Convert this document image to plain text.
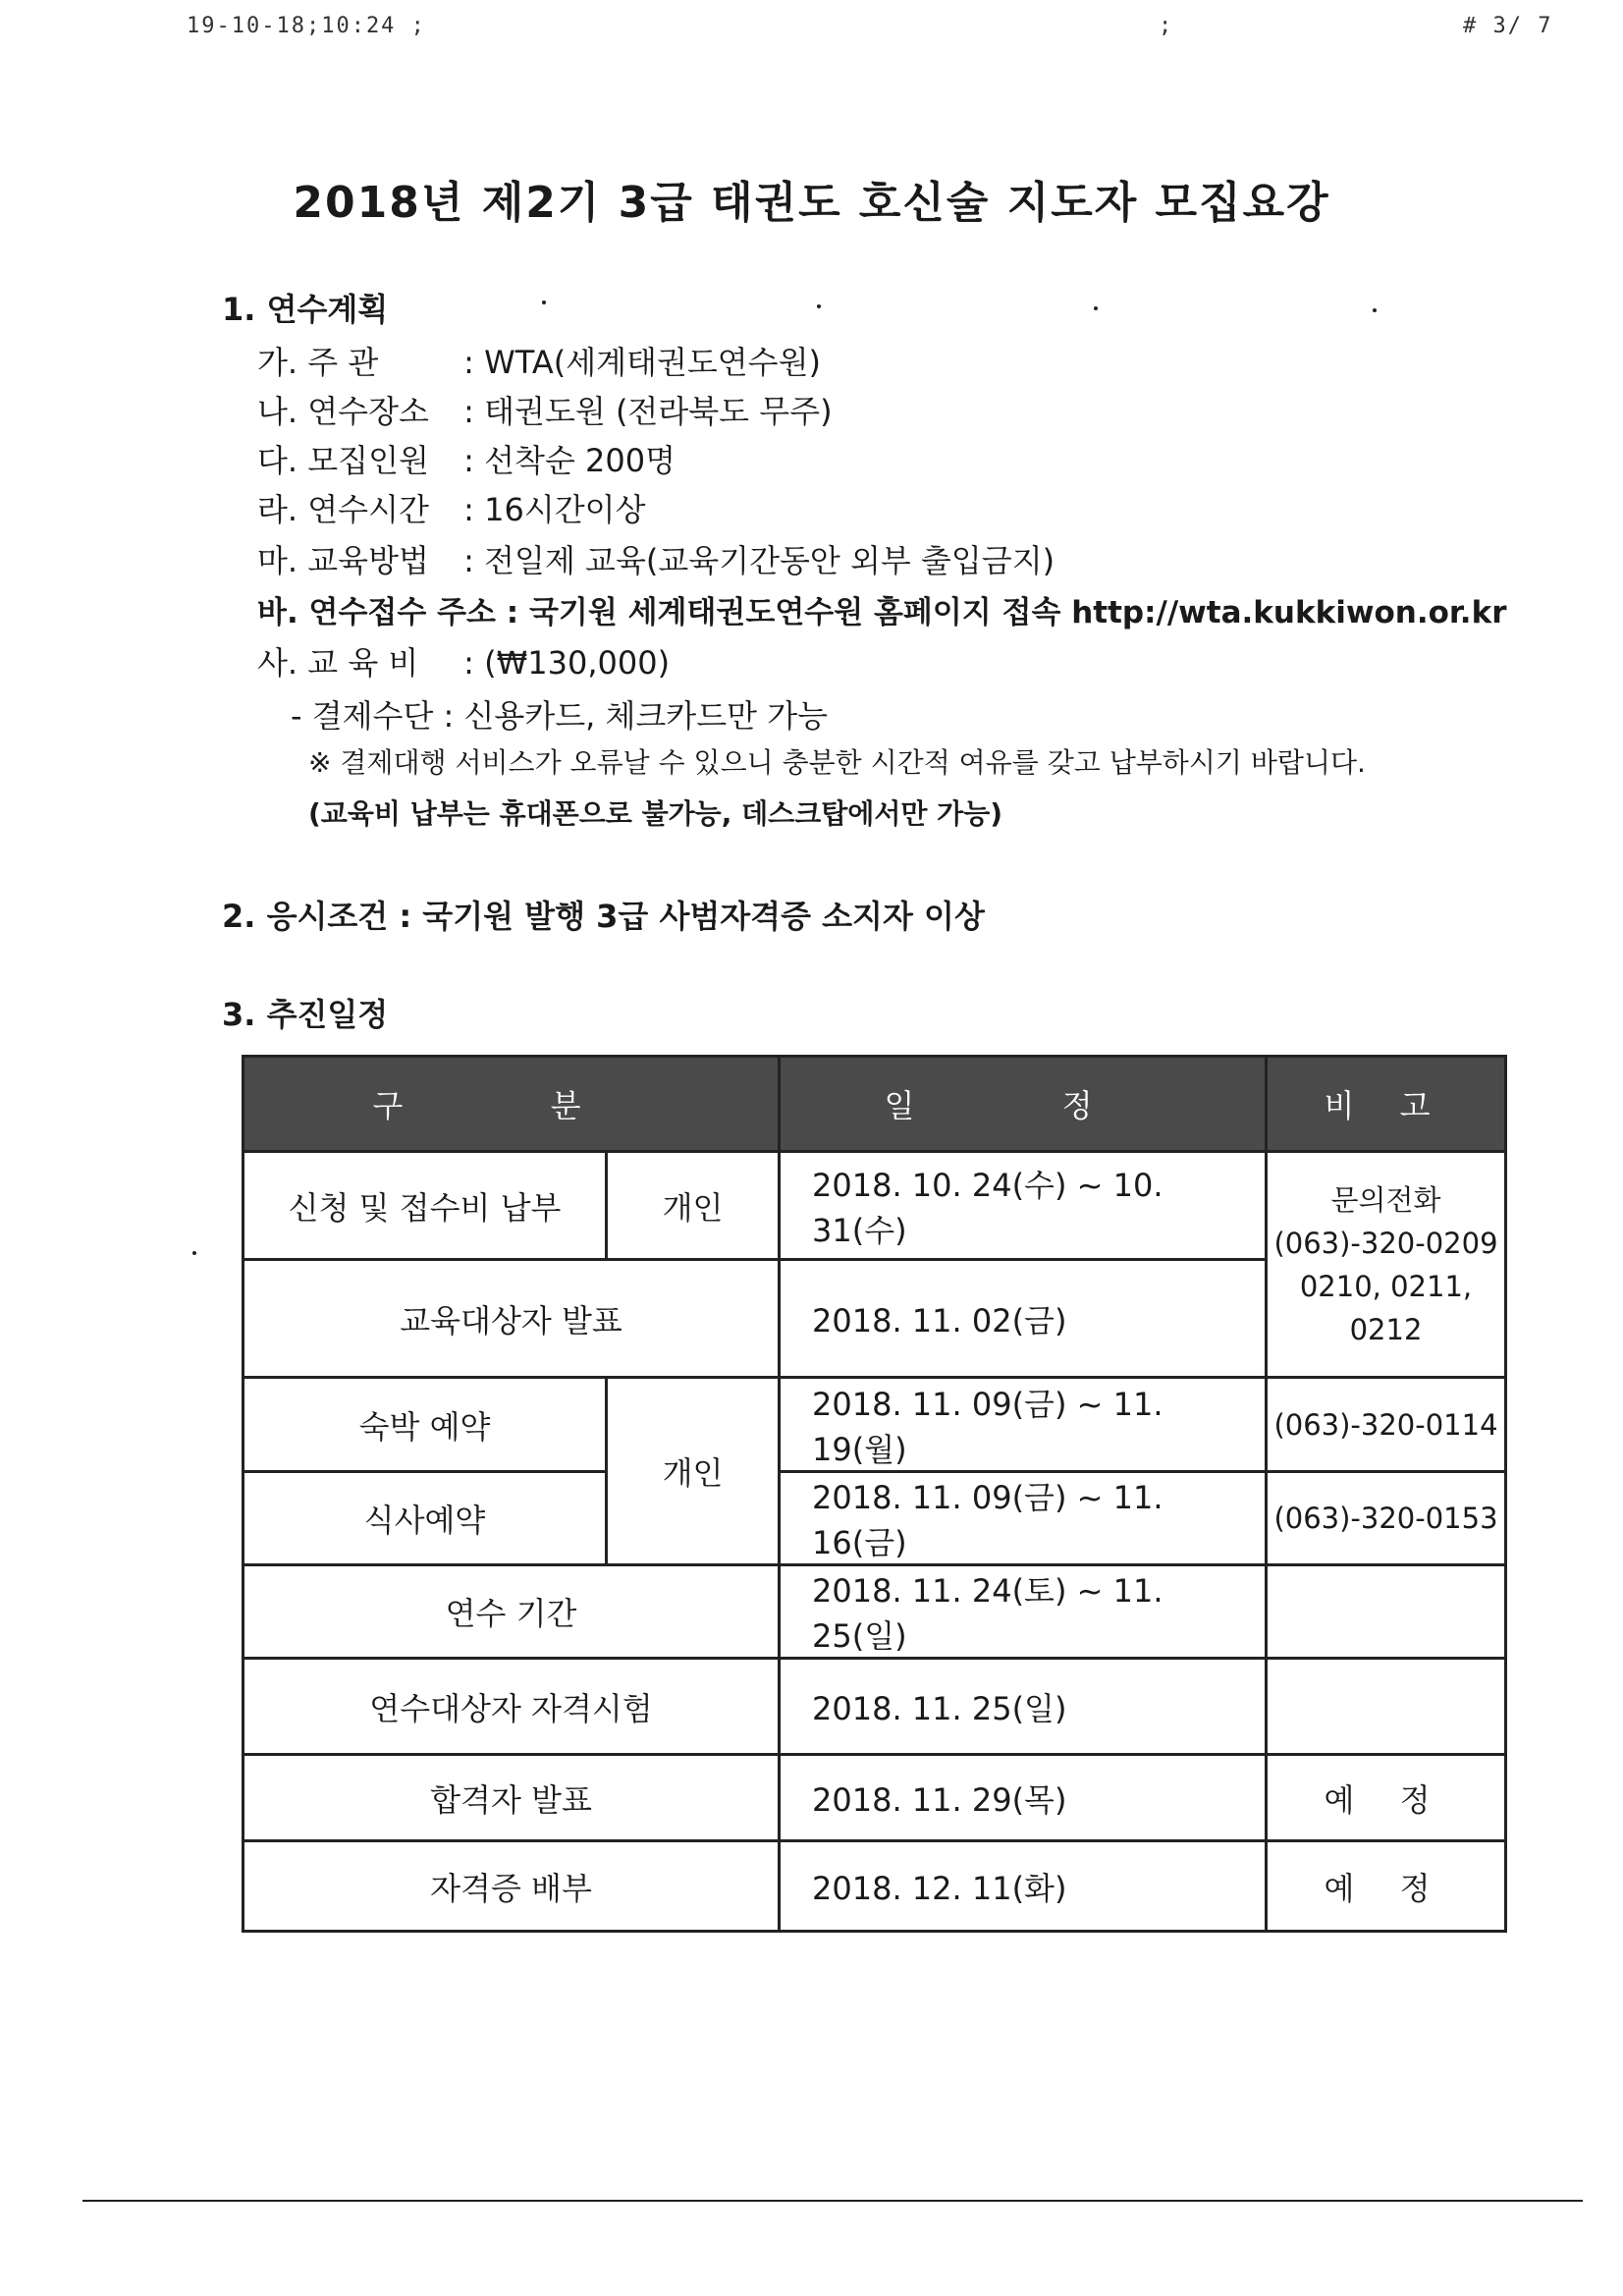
19-10-18;10:24 ;	;	# 3/ 7
2018년 제2기 3급 태권도 호신술 지도자 모집요강
1. 연수계획
가. 주 관 : WTA(세계태권도연수원)
나. 연수장소 : 태권도원 (전라북도 무주)
다. 모집인원 : 선착순 200명
라. 연수시간 : 16시간이상
마. 교육방법 : 전일제 교육(교육기간동안 외부 출입금지)
바. 연수접수 주소 : 국기원 세계태권도연수원 홈페이지 접속 http://wta.kukkiwon.or.kr
사. 교 육 비 : (₩130,000)
- 결제수단 : 신용카드, 체크카드만 가능
※ 결제대행 서비스가 오류날 수 있으니 충분한 시간적 여유를 갖고 납부하시기 바랍니다.
(교육비 납부는 휴대폰으로 불가능, 데스크탑에서만 가능)
2. 응시조건 : 국기원 발행 3급 사범자격증 소지자 이상
3. 추진일정
구 분		일 정	비 고
신청 및 접수비 납부	개인	2018. 10. 24(수) ~ 10. 31(수)	문의전화
(063)-320-0209
0210, 0211, 0212

교육대상자 발표		2018. 11. 02(금)	
숙박 예약	개인	2018. 11. 09(금) ~ 11. 19(월)	(063)-320-0114
식사예약		2018. 11. 09(금) ~ 11. 16(금)	(063)-320-0153
연수 기간		2018. 11. 24(토) ~ 11. 25(일)	
연수대상자 자격시험		2018. 11. 25(일)	
합격자 발표		2018. 11. 29(목)	예 정
자격증 배부		2018. 12. 11(화)	예 정
